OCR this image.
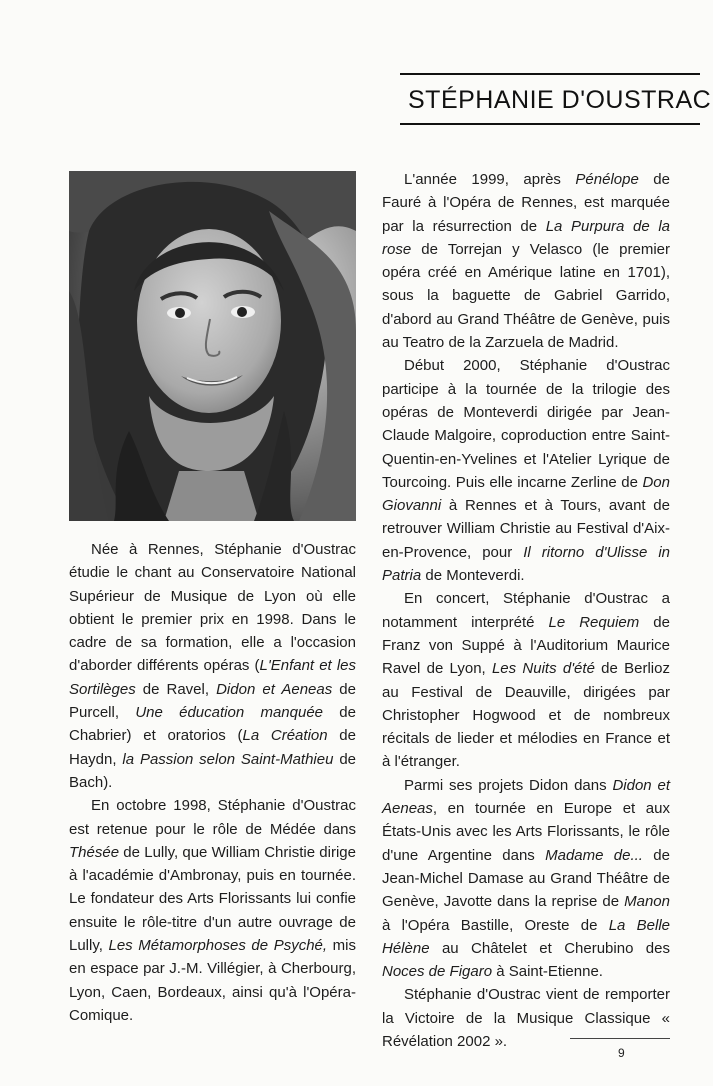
STÉPHANIE D'OUSTRAC

Née à Rennes, Stéphanie d'Oustrac étudie le chant au Conservatoire National Supérieur de Musique de Lyon où elle obtient le premier prix en 1998. Dans le cadre de sa formation, elle a l'occasion d'aborder différents opéras (L'Enfant et les Sortilèges de Ravel, Didon et Aeneas de Purcell, Une éducation manquée de Chabrier) et oratorios (La Création de Haydn, la Passion selon Saint-Mathieu de Bach).

En octobre 1998, Stéphanie d'Oustrac est retenue pour le rôle de Médée dans Thésée de Lully, que William Christie dirige à l'académie d'Ambronay, puis en tournée. Le fondateur des Arts Florissants lui confie ensuite le rôle-titre d'un autre ouvrage de Lully, Les Métamorphoses de Psyché, mis en espace par J.-M. Villégier, à Cherbourg, Lyon, Caen, Bordeaux, ainsi qu'à l'Opéra-Comique.

L'année 1999, après Pénélope de Fauré à l'Opéra de Rennes, est marquée par la résurrection de La Purpura de la rose de Torrejan y Velasco (le premier opéra créé en Amérique latine en 1701), sous la baguette de Gabriel Garrido, d'abord au Grand Théâtre de Genève, puis au Teatro de la Zarzuela de Madrid.

Début 2000, Stéphanie d'Oustrac participe à la tournée de la trilogie des opéras de Monteverdi dirigée par Jean-Claude Malgoire, coproduction entre Saint-Quentin-en-Yvelines et l'Atelier Lyrique de Tourcoing. Puis elle incarne Zerline de Don Giovanni à Rennes et à Tours, avant de retrouver William Christie au Festival d'Aix-en-Provence, pour Il ritorno d'Ulisse in Patria de Monteverdi.

En concert, Stéphanie d'Oustrac a notamment interprété Le Requiem de Franz von Suppé à l'Auditorium Maurice Ravel de Lyon, Les Nuits d'été de Berlioz au Festival de Deauville, dirigées par Christopher Hogwood et de nombreux récitals de lieder et mélodies en France et à l'étranger.

Parmi ses projets Didon dans Didon et Aeneas, en tournée en Europe et aux États-Unis avec les Arts Florissants, le rôle d'une Argentine dans Madame de... de Jean-Michel Damase au Grand Théâtre de Genève, Javotte dans la reprise de Manon à l'Opéra Bastille, Oreste de La Belle Hélène au Châtelet et Cherubino des Noces de Figaro à Saint-Etienne.

Stéphanie d'Oustrac vient de remporter la Victoire de la Musique Classique « Révélation 2002 ».

9
